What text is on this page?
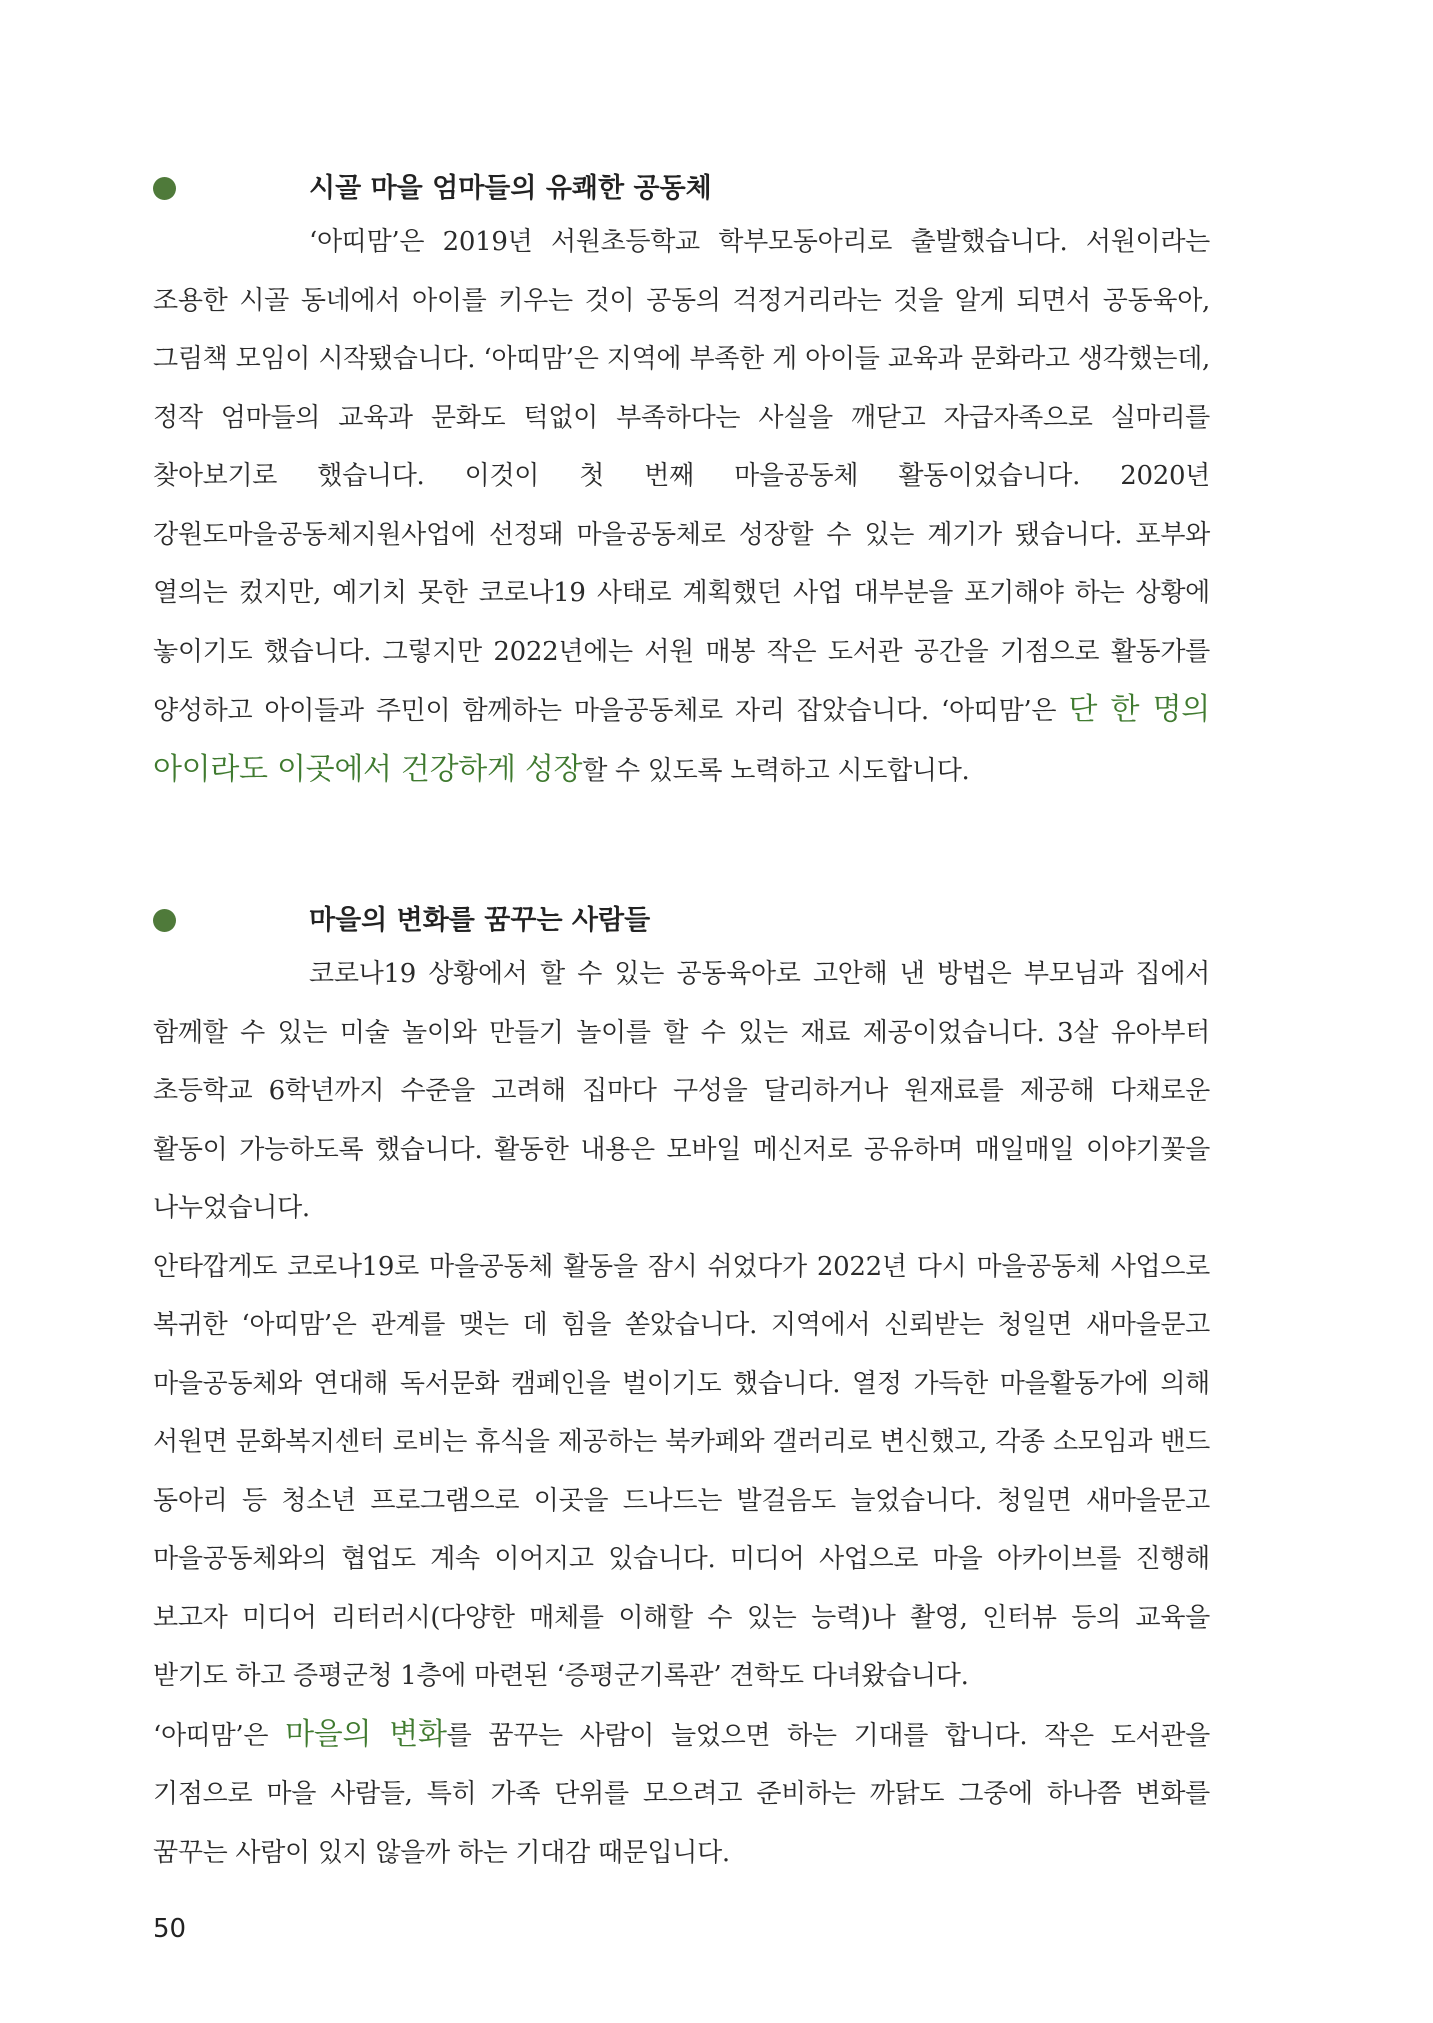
시골 마을 엄마들의 유쾌한 공동체

‘아띠맘’은 2019년 서원초등학교 학부모동아리로 출발했습니다. 서원이라는 조용한 시골 동네에서 아이를 키우는 것이 공동의 걱정거리라는 것을 알게 되면서 공동육아, 그림책 모임이 시작됐습니다. ‘아띠맘’은 지역에 부족한 게 아이들 교육과 문화라고 생각했는데, 정작 엄마들의 교육과 문화도 턱없이 부족하다는 사실을 깨닫고 자급자족으로 실마리를 찾아보기로 했습니다. 이것이 첫 번째 마을공동체 활동이었습니다. 2020년 강원도마을공동체지원사업에 선정돼 마을공동체로 성장할 수 있는 계기가 됐습니다. 포부와 열의는 컸지만, 예기치 못한 코로나19 사태로 계획했던 사업 대부분을 포기해야 하는 상황에 놓이기도 했습니다. 그렇지만 2022년에는 서원 매봉 작은 도서관 공간을 기점으로 활동가를 양성하고 아이들과 주민이 함께하는 마을공동체로 자리 잡았습니다. ‘아띠맘’은 단 한 명의 아이라도 이곳에서 건강하게 성장할 수 있도록 노력하고 시도합니다.

마을의 변화를 꿈꾸는 사람들

코로나19 상황에서 할 수 있는 공동육아로 고안해 낸 방법은 부모님과 집에서 함께할 수 있는 미술 놀이와 만들기 놀이를 할 수 있는 재료 제공이었습니다. 3살 유아부터 초등학교 6학년까지 수준을 고려해 집마다 구성을 달리하거나 원재료를 제공해 다채로운 활동이 가능하도록 했습니다. 활동한 내용은 모바일 메신저로 공유하며 매일매일 이야기꽃을 나누었습니다.

안타깝게도 코로나19로 마을공동체 활동을 잠시 쉬었다가 2022년 다시 마을공동체 사업으로 복귀한 ‘아띠맘’은 관계를 맺는 데 힘을 쏟았습니다. 지역에서 신뢰받는 청일면 새마을문고 마을공동체와 연대해 독서문화 캠페인을 벌이기도 했습니다. 열정 가득한 마을활동가에 의해 서원면 문화복지센터 로비는 휴식을 제공하는 북카페와 갤러리로 변신했고, 각종 소모임과 밴드 동아리 등 청소년 프로그램으로 이곳을 드나드는 발걸음도 늘었습니다. 청일면 새마을문고 마을공동체와의 협업도 계속 이어지고 있습니다. 미디어 사업으로 마을 아카이브를 진행해 보고자 미디어 리터러시(다양한 매체를 이해할 수 있는 능력)나 촬영, 인터뷰 등의 교육을 받기도 하고 증평군청 1층에 마련된 ‘증평군기록관’ 견학도 다녀왔습니다.

‘아띠맘’은 마을의 변화를 꿈꾸는 사람이 늘었으면 하는 기대를 합니다. 작은 도서관을 기점으로 마을 사람들, 특히 가족 단위를 모으려고 준비하는 까닭도 그중에 하나쯤 변화를 꿈꾸는 사람이 있지 않을까 하는 기대감 때문입니다.

50
